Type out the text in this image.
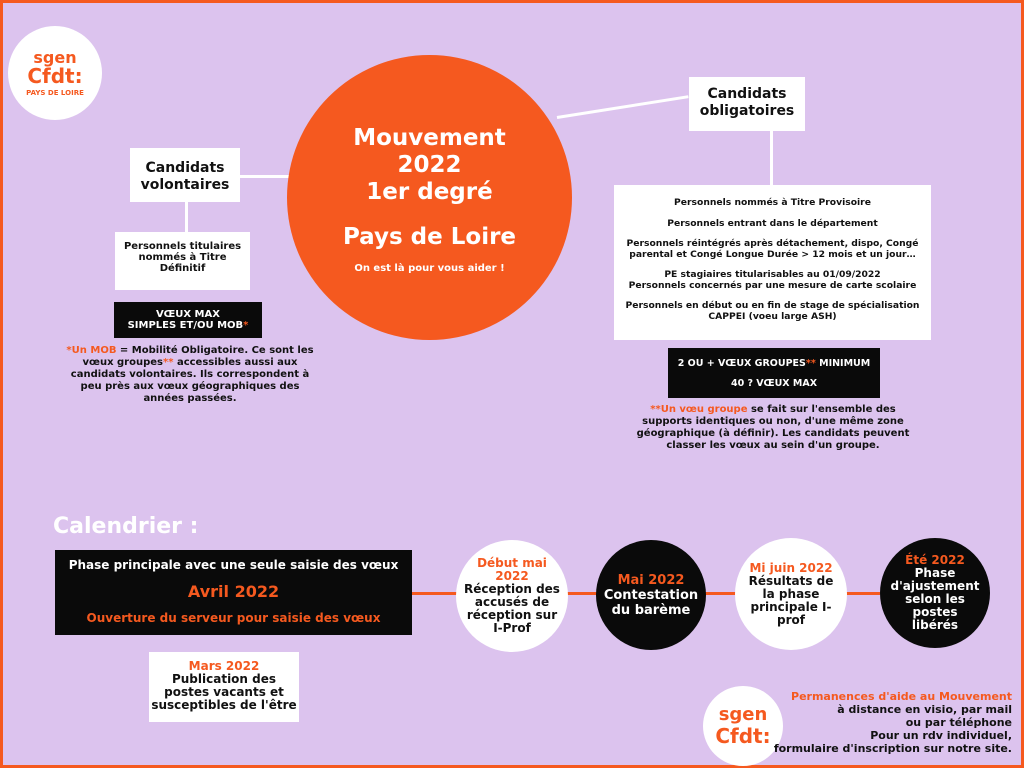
sgen
Cfdt:
PAYS DE LOIRE
Mouvement
2022
1er degré
Pays de Loire
On est là pour vous aider !
Candidats volontaires
Personnels titulaires nommés à Titre Définitif
VŒUX MAX
SIMPLES ET/OU MOB*
*Un MOB = Mobilité Obligatoire. Ce sont les vœux groupes** accessibles aussi aux candidats volontaires. Ils correspondent à peu près aux vœux géographiques des années passées.
Candidats obligatoires
Personnels nommés à Titre Provisoire
Personnels entrant dans le département
Personnels réintégrés après détachement, dispo, Congé parental et Congé Longue Durée > 12 mois et un jour…
PE stagiaires titularisables au 01/09/2022
Personnels concernés par une mesure de carte scolaire
Personnels en début ou en fin de stage de spécialisation CAPPEI (voeu large ASH)
2 OU + VŒUX GROUPES** MINIMUM
40 ? VŒUX MAX
**Un vœu groupe se fait sur l'ensemble des supports identiques ou non, d'une même zone géographique (à définir). Les candidats peuvent classer les vœux au sein d'un groupe.
Calendrier :
Phase principale avec une seule saisie des vœux
Avril 2022
Ouverture du serveur pour saisie des vœux
Mars 2022
Publication des postes vacants et susceptibles de l'être
Début mai 2022
Réception des accusés de réception sur I-Prof
Mai 2022
Contestation du barème
Mi juin 2022
Résultats de la phase principale I-prof
Été 2022
Phase d'ajustement selon les postes libérés
sgen
Cfdt:
Permanences d'aide au Mouvement
à distance en visio, par mail
ou par téléphone
Pour un rdv individuel,
formulaire d'inscription sur notre site.
